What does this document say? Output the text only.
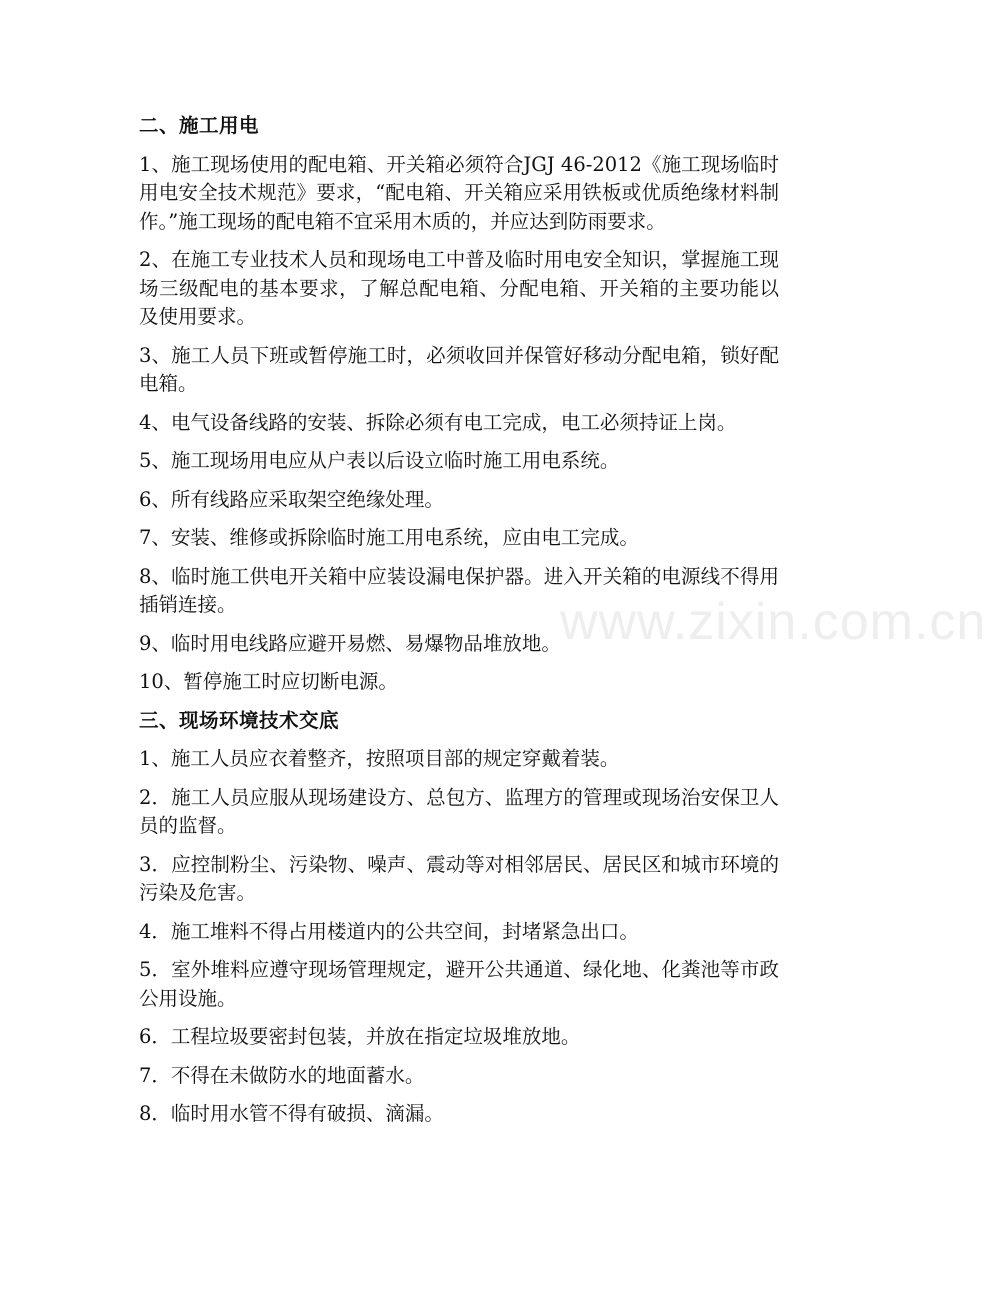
二、施工用电
1、施工现场使用的配电箱、开关箱必须符合JGJ 46-2012《施工现场临时用电安全技术规范》要求，“配电箱、开关箱应采用铁板或优质绝缘材料制作。”施工现场的配电箱不宜采用木质的，并应达到防雨要求。
2、在施工专业技术人员和现场电工中普及临时用电安全知识，掌握施工现场三级配电的基本要求，了解总配电箱、分配电箱、开关箱的主要功能以及使用要求。
3、施工人员下班或暂停施工时，必须收回并保管好移动分配电箱，锁好配电箱。
4、电气设备线路的安装、拆除必须有电工完成，电工必须持证上岗。
5、施工现场用电应从户表以后设立临时施工用电系统。
6、所有线路应采取架空绝缘处理。
7、安装、维修或拆除临时施工用电系统，应由电工完成。
8、临时施工供电开关箱中应装设漏电保护器。进入开关箱的电源线不得用插销连接。
9、临时用电线路应避开易燃、易爆物品堆放地。
10、暂停施工时应切断电源。
三、现场环境技术交底
1、施工人员应衣着整齐，按照项目部的规定穿戴着装。
2．施工人员应服从现场建设方、总包方、监理方的管理或现场治安保卫人员的监督。
3．应控制粉尘、污染物、噪声、震动等对相邻居民、居民区和城市环境的污染及危害。
4．施工堆料不得占用楼道内的公共空间，封堵紧急出口。
5．室外堆料应遵守现场管理规定，避开公共通道、绿化地、化粪池等市政公用设施。
6．工程垃圾要密封包装，并放在指定垃圾堆放地。
7．不得在未做防水的地面蓄水。
8．临时用水管不得有破损、滴漏。
www.zixin.com.cn
